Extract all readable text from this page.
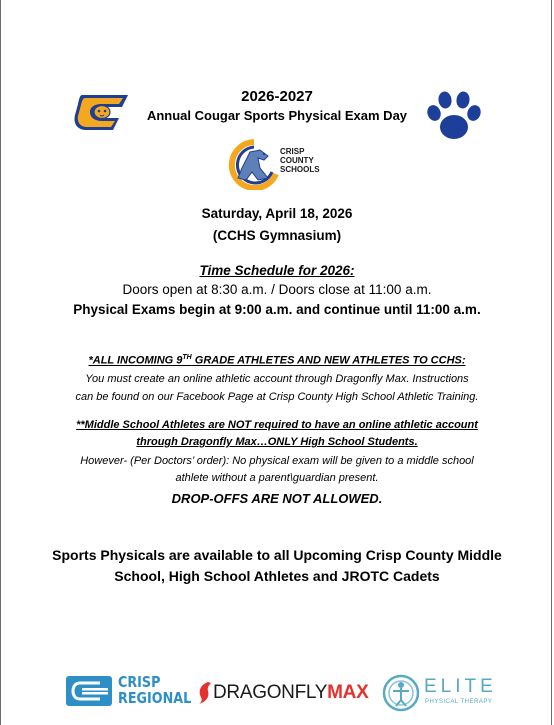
2026-2027
Annual Cougar Sports Physical Exam Day
CRISP
COUNTY
SCHOOLS
Saturday, April 18, 2026
(CCHS Gymnasium)
Time Schedule for 2026:
Doors open at 8:30 a.m. / Doors close at 11:00 a.m.
Physical Exams begin at 9:00 a.m. and continue until 11:00 a.m.
*ALL INCOMING 9TH GRADE ATHLETES AND NEW ATHLETES TO CCHS:
You must create an online athletic account through Dragonfly Max. Instructions
can be found on our Facebook Page at Crisp County High School Athletic Training.
**Middle School Athletes are NOT required to have an online athletic account
through Dragonfly Max…ONLY High School Students.
However- (Per Doctors’ order): No physical exam will be given to a middle school
athlete without a parent\guardian present.
DROP-OFFS ARE NOT ALLOWED.
Sports Physicals are available to all Upcoming Crisp County Middle
School, High School Athletes and JROTC Cadets
CRISP
REGIONAL DRAGONFLYMAX	ELITE
PHYSICAL THERAPY
